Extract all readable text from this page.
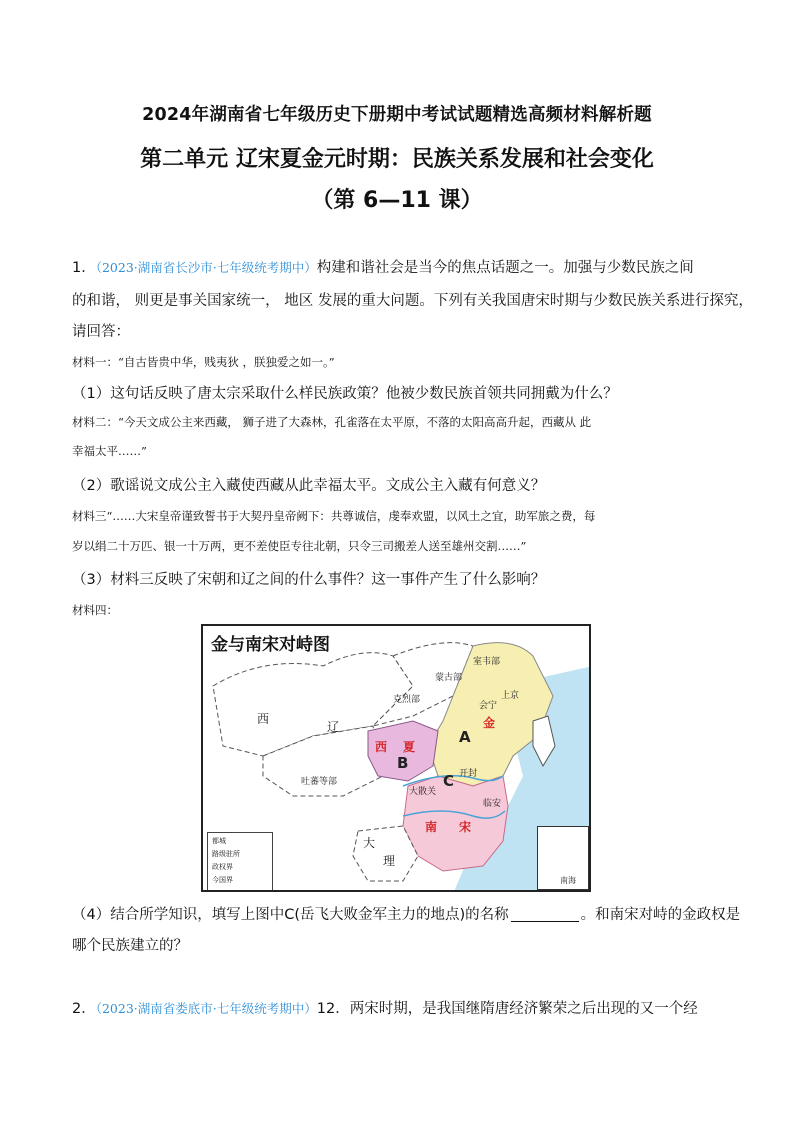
2024年湖南省七年级历史下册期中考试试题精选高频材料解析题
第二单元 辽宋夏金元时期：民族关系发展和社会变化
（第 6—11 课）
1．（2023·湖南省长沙市·七年级统考期中）构建和谐社会是当今的焦点话题之一。加强与少数民族之间
的和谐， 则更是事关国家统一， 地区 发展的重大问题。下列有关我国唐宋时期与少数民族关系进行探究，
请回答：
材料一：“自古皆贵中华，贱夷狄 ，朕独爱之如一。”
（1）这句话反映了唐太宗采取什么样民族政策？他被少数民族首领共同拥戴为什么？
材料二：“今天文成公主来西藏， 狮子进了大森林，孔雀落在太平原，不落的太阳高高升起，西藏从 此
幸福太平……”
（2）歌谣说文成公主入藏使西藏从此幸福太平。文成公主入藏有何意义？
材料三“……大宋皇帝谨致誓书于大契丹皇帝阙下：共尊诚信，虔奉欢盟，以风土之宜，助军旅之费，每
岁以绢二十万匹、银一十万两，更不差使臣专往北朝，只令三司搬差人送至雄州交割……”
（3）材料三反映了宋朝和辽之间的什么事件？这一事件产生了什么影响？
材料四：
金与南宋对峙图
西
辽
克烈部
蒙古部
室韦部
上京
会宁
金
西 夏
A
B
C 开封
吐蕃等部
大散关
临安
南 宋
大
理
都城
路级驻所
政权界
今国界	南海
（4）结合所学知识，填写上图中C(岳飞大败金军主力的地点)的名称	。和南宋对峙的金政权是
哪个民族建立的？
2．（2023·湖南省娄底市·七年级统考期中）12．两宋时期，是我国继隋唐经济繁荣之后出现的又一个经
